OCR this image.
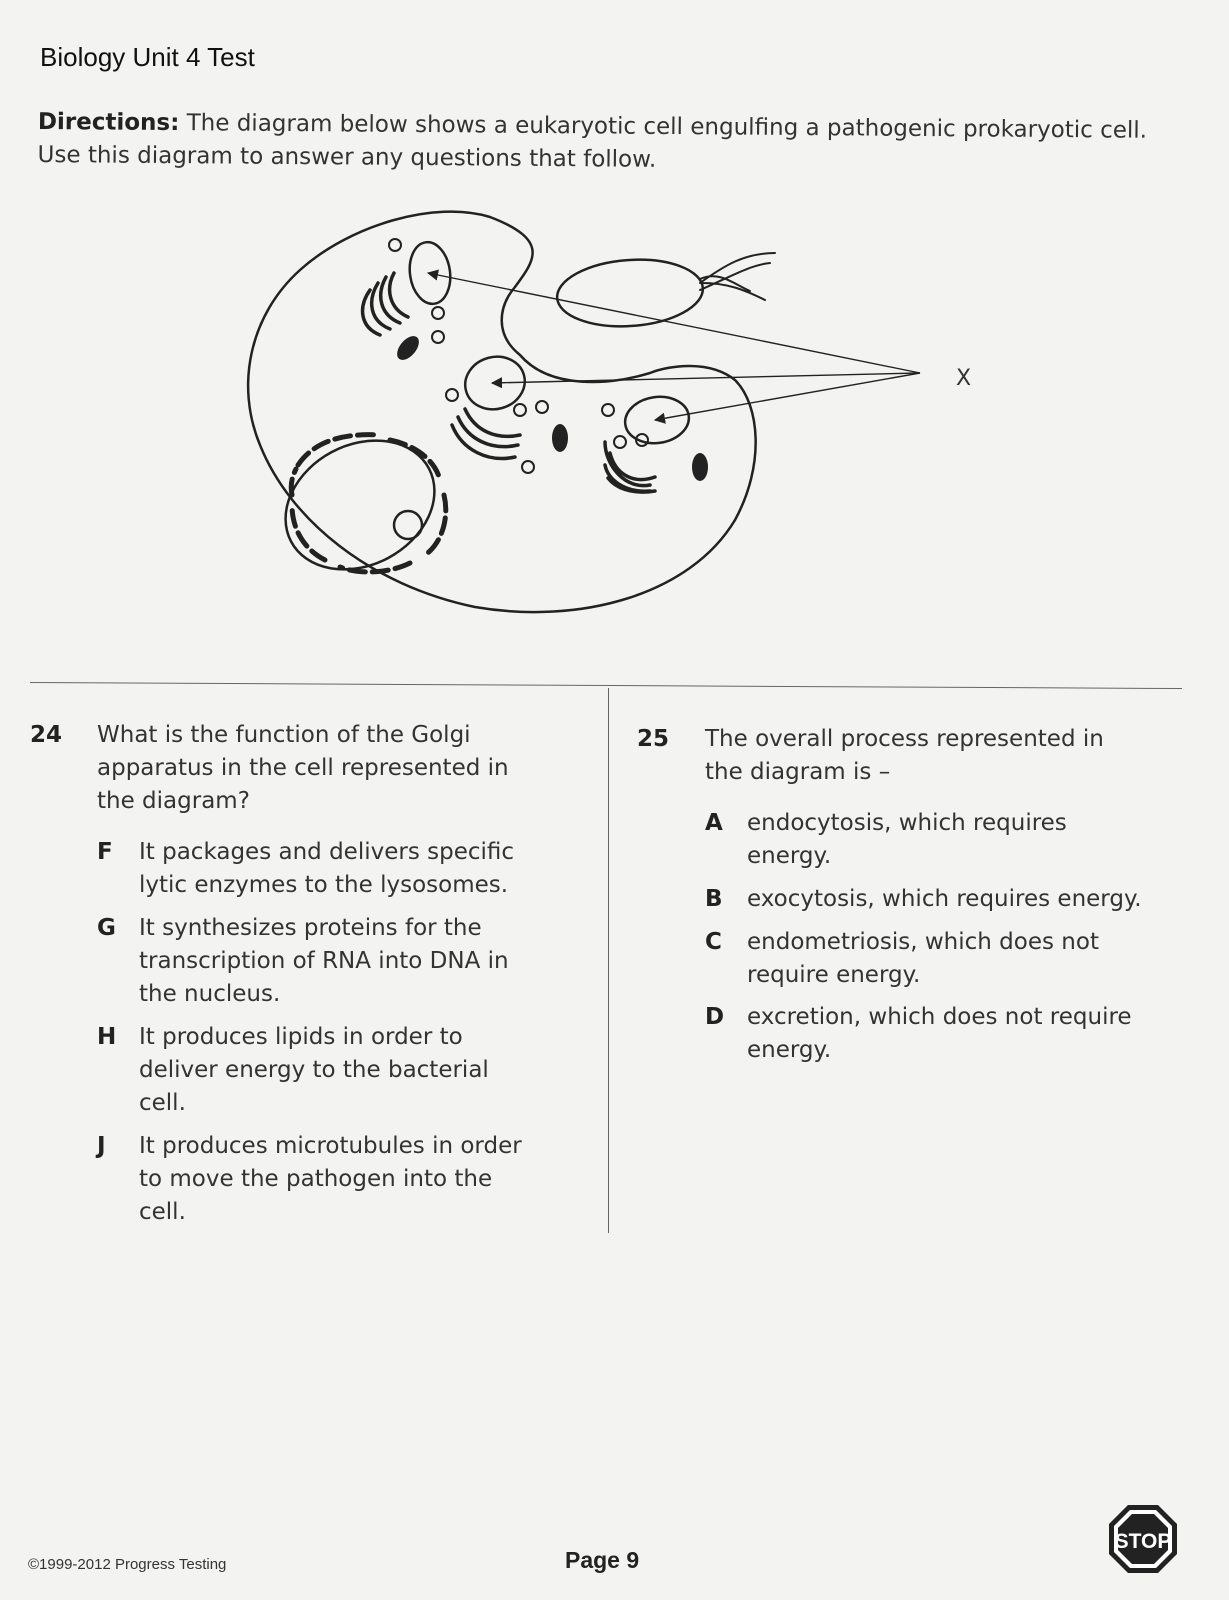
Biology Unit 4 Test
Directions: The diagram below shows a eukaryotic cell engulfing a pathogenic prokaryotic cell. Use this diagram to answer any questions that follow.
X
24 What is the function of the Golgi
apparatus in the cell represented in
the diagram?
F It packages and delivers specific
lytic enzymes to the lysosomes.
G It synthesizes proteins for the
transcription of RNA into DNA in
the nucleus.
H It produces lipids in order to
deliver energy to the bacterial
cell.
J It produces microtubules in order
to move the pathogen into the
cell.
25 The overall process represented in
the diagram is –
A endocytosis, which requires
energy.
B exocytosis, which requires energy.
C endometriosis, which does not
require energy.
D excretion, which does not require
energy.
©1999-2012 Progress Testing	Page 9
STOP
